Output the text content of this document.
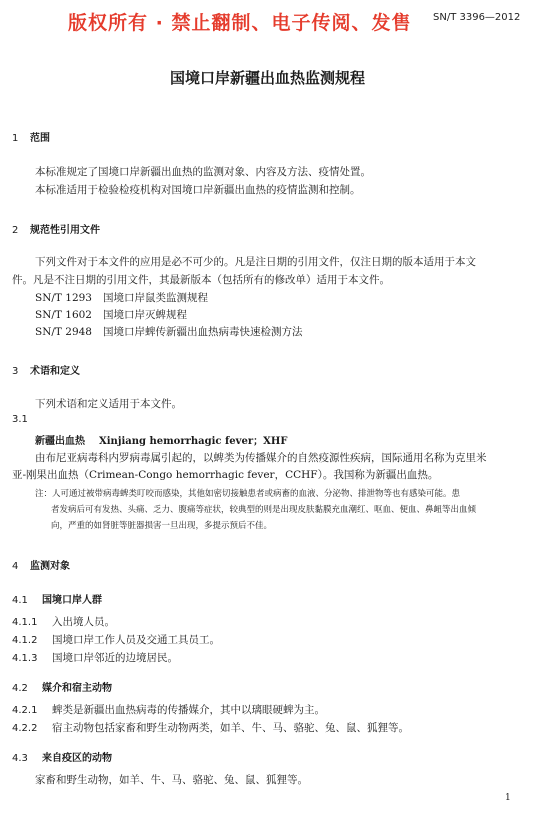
版权所有 · 禁止翻制、电子传阅、发售 SN/T 3396—2012
国境口岸新疆出血热监测规程
1 范围
本标准规定了国境口岸新疆出血热的监测对象、内容及方法、疫情处置。
本标准适用于检验检疫机构对国境口岸新疆出血热的疫情监测和控制。
2 规范性引用文件
下列文件对于本文件的应用是必不可少的。凡是注日期的引用文件，仅注日期的版本适用于本文
件。凡是不注日期的引用文件，其最新版本（包括所有的修改单）适用于本文件。
SN/T 1293 国境口岸鼠类监测规程
SN/T 1602 国境口岸灭蜱规程
SN/T 2948 国境口岸蜱传新疆出血热病毒快速检测方法
3 术语和定义
下列术语和定义适用于本文件。
3.1
新疆出血热 Xinjiang hemorrhagic fever；XHF
由布尼亚病毒科内罗病毒属引起的，以蜱类为传播媒介的自然疫源性疾病，国际通用名称为克里米
亚-刚果出血热（Crimean-Congo hemorrhagic fever，CCHF）。我国称为新疆出血热。
注：人可通过被带病毒蜱类叮咬而感染，其他如密切接触患者或病畜的血液、分泌物、排泄物等也有感染可能。患
者发病后可有发热、头痛、乏力、腹痛等症状，较典型的则是出现皮肤黏膜充血潮红、呕血、便血、鼻衄等出血倾
向，严重的如肾脏等脏器损害一旦出现，多提示预后不佳。
4 监测对象
4.1 国境口岸人群
4.1.1 入出境人员。
4.1.2 国境口岸工作人员及交通工具员工。
4.1.3 国境口岸邻近的边境居民。
4.2 媒介和宿主动物
4.2.1 蜱类是新疆出血热病毒的传播媒介，其中以璃眼硬蜱为主。
4.2.2 宿主动物包括家畜和野生动物两类，如羊、牛、马、骆驼、兔、鼠、狐狸等。
4.3 来自疫区的动物
家畜和野生动物，如羊、牛、马、骆驼、兔、鼠、狐狸等。
1
